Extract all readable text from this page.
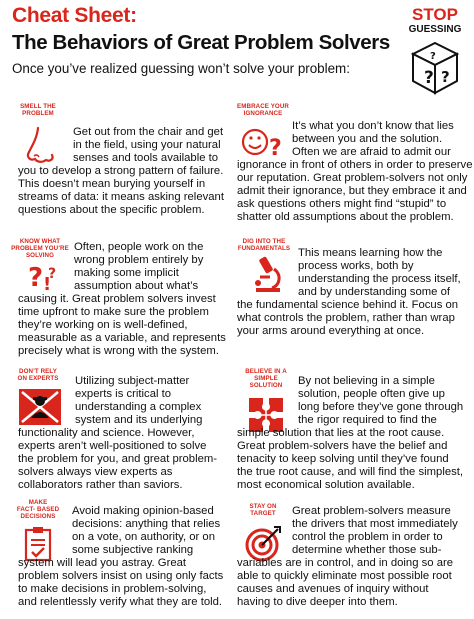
Cheat Sheet:
The Behaviors of Great Problem Solvers
Once you’ve realized guessing won’t solve your problem:
STOP
GUESSING
? ?
?
SMELL THE
PROBLEM
Get out from the chair and get
in the field, using your natural
senses and tools available to
you to develop a strong pattern of failure.
This doesn’t mean burying yourself in
streams of data: it means asking relevant
questions about the specific problem.
EMBRACE YOUR
IGNORANCE
?
It’s what you don’t know that lies
between you and the solution.
Often we are afraid to admit our
ignorance in front of others in order to preserve
our reputation. Great problem-solvers not only
admit their ignorance, but they embrace it and
ask questions others might find “stupid” to
shatter old assumptions about the problem.
KNOW WHAT
PROBLEM YOU’RE
SOLVING
? !
?
Often, people work on the
wrong problem entirely by
making some implicit
assumption about what’s
causing it. Great problem solvers invest
time upfront to make sure the problem
they’re working on is well-defined,
measurable as a variable, and represents
precisely what is wrong with the system.
DIG INTO THE
FUNDAMENTALS This means learning how the
process works, both by
understanding the process itself,
and by understanding some of
the fundamental science behind it. Focus on
what controls the problem, rather than wrap
your arms around everything at once.
DON’T RELY
ON EXPERTS	Utilizing subject-matter
experts is critical to
understanding a complex
system and its underlying
functionality and science. However,
experts aren’t well-positioned to solve
the problem for you, and great problem-
solvers always view experts as
collaborators rather than saviors.
BELIEVE IN A
SIMPLE
SOLUTION	By not believing in a simple
solution, people often give up
long before they’ve gone through
the rigor required to find the
simple solution that lies at the root cause.
Great problem-solvers have the belief and
tenacity to keep solving until they’ve found
the true root cause, and will find the simplest,
most economical solution available.
MAKE
FACT- BASED
DECISIONS	Avoid making opinion-based
decisions: anything that relies
on a vote, on authority, or on
some subjective ranking
system will lead you astray. Great
problem solvers insist on using only facts
to make decisions in problem-solving,
and relentlessly verify what they are told.
STAY ON
TARGET	Great problem-solvers measure
the drivers that most immediately
control the problem in order to
determine whether those sub-
variables are in control, and in doing so are
able to quickly eliminate most possible root
causes and avenues of inquiry without
having to dive deeper into them.
